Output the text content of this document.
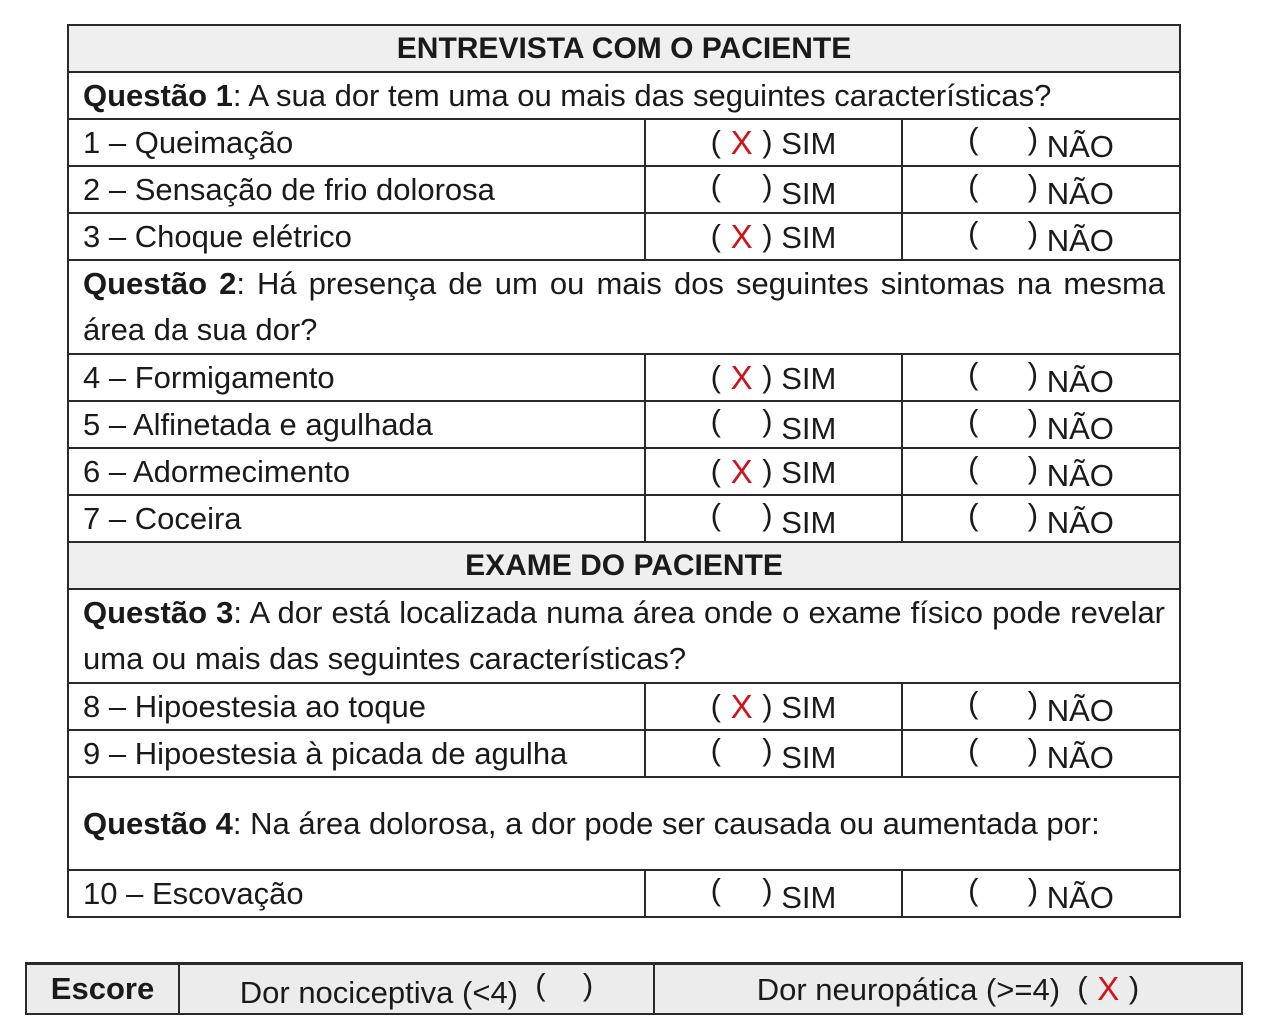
ENTREVISTA COM O PACIENTE		
Questão 1: A sua dor tem uma ou mais das seguintes características?		
1 – Queimação	( X ) SIM	( ) NÃO
2 – Sensação de frio dolorosa	( ) SIM	( ) NÃO
3 – Choque elétrico	( X ) SIM	( ) NÃO
Questão 2: Há presença de um ou mais dos seguintes sintomas na mesma área da sua dor?		
4 – Formigamento	( X ) SIM	( ) NÃO
5 – Alfinetada e agulhada	( ) SIM	( ) NÃO
6 – Adormecimento	( X ) SIM	( ) NÃO
7 – Coceira	( ) SIM	( ) NÃO
EXAME DO PACIENTE		
Questão 3: A dor está localizada numa área onde o exame físico pode revelar uma ou mais das seguintes características?		
8 – Hipoestesia ao toque	( X ) SIM	( ) NÃO
9 – Hipoestesia à picada de agulha	( ) SIM	( ) NÃO
Questão 4: Na área dolorosa, a dor pode ser causada ou aumentada por:		
10 – Escovação	( ) SIM	( ) NÃO
Escore	Dor nociceptiva (<4) ( )	Dor neuropática (>=4) ( X )
